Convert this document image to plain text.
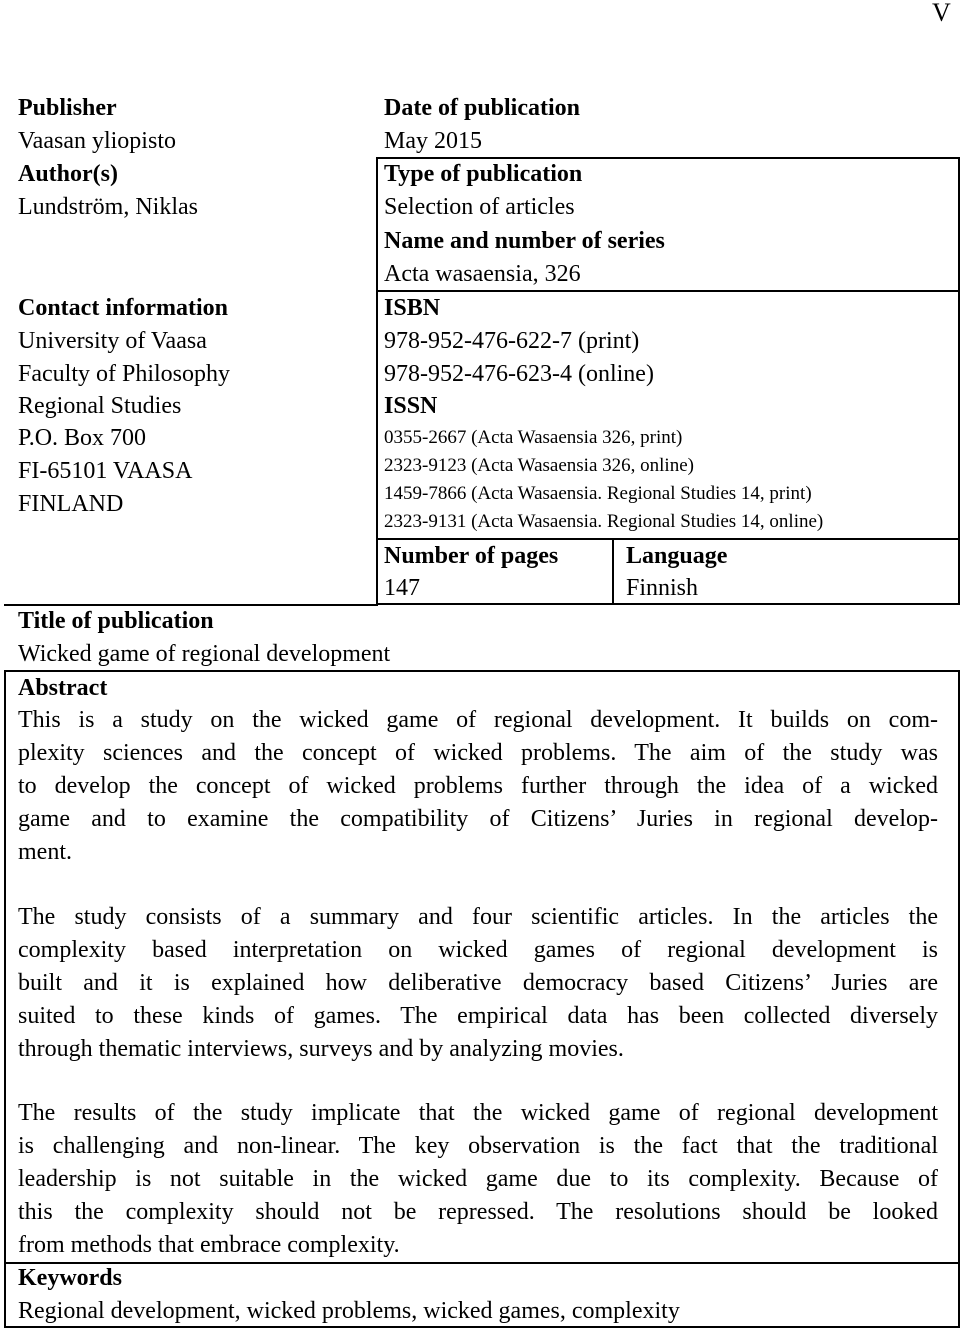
V
Publisher
Vaasan yliopisto
Author(s)
Lundström, Niklas
Contact information
University of Vaasa
Faculty of Philosophy
Regional Studies
P.O. Box 700
FI-65101 VAASA
FINLAND
Date of publication
May 2015
Type of publication
Selection of articles
Name and number of series
Acta wasaensia, 326
ISBN
978-952-476-622-7 (print)
978-952-476-623-4 (online)
ISSN
0355-2667 (Acta Wasaensia 326, print)
2323-9123 (Acta Wasaensia 326, online)
1459-7866 (Acta Wasaensia. Regional Studies 14, print)
2323-9131 (Acta Wasaensia. Regional Studies 14, online)
Number of pages
147
Language
Finnish
Title of publication
Wicked game of regional development
Abstract
This is a study on the wicked game of regional development. It builds on com-
plexity sciences and the concept of wicked problems. The aim of the study was
to develop the concept of wicked problems further through the idea of a wicked
game and to examine the compatibility of Citizens’ Juries in regional develop-
ment.
The study consists of a summary and four scientific articles. In the articles the
complexity based interpretation on wicked games of regional development is
built and it is explained how deliberative democracy based Citizens’ Juries are
suited to these kinds of games. The empirical data has been collected diversely
through thematic interviews, surveys and by analyzing movies.
The results of the study implicate that the wicked game of regional development
is challenging and non-linear. The key observation is the fact that the traditional
leadership is not suitable in the wicked game due to its complexity. Because of
this the complexity should not be repressed. The resolutions should be looked
from methods that embrace complexity.
Keywords
Regional development, wicked problems, wicked games, complexity
